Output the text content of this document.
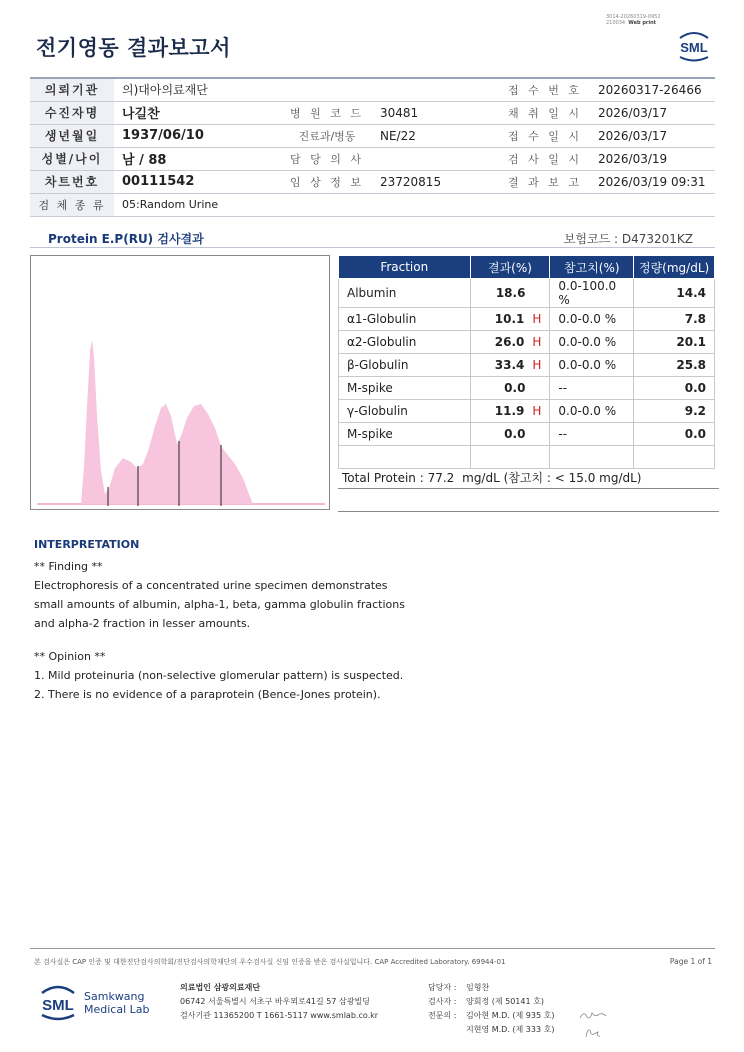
전기영동 결과보고서
3014-20260319-0952
210034 Web print
SML
의뢰기관	의)대아의료재단			접 수 번 호	20260317-26466
수진자명	나길찬	병 원 코 드	30481	채 취 일 시	2026/03/17
생년월일	1937/06/10	진료과/병동	NE/22	접 수 일 시	2026/03/17
성별/나이	남 / 88	담 당 의 사		검 사 일 시	2026/03/19
차트번호	00111542	임 상 정 보	23720815	결 과 보 고	2026/03/19 09:31
검 체 종 류	05:Random Urine				
Protein E.P(RU) 검사결과	보험코드 : D473201KZ
Fraction	결과(%)	참고치(%)	정량(mg/dL)
Albumin	18.6	0.0-100.0 %	14.4
α1-Globulin	10.1 H	0.0-0.0 %	7.8
α2-Globulin	26.0 H	0.0-0.0 %	20.1
β-Globulin	33.4 H	0.0-0.0 %	25.8
M-spike	0.0	--	0.0
γ-Globulin	11.9 H	0.0-0.0 %	9.2
M-spike	0.0	--	0.0

Total Protein : 77.2 mg/dL (참고치 : < 15.0 mg/dL)
INTERPRETATION
** Finding **
Electrophoresis of a concentrated urine specimen demonstrates
small amounts of albumin, alpha-1, beta, gamma globulin fractions
and alpha-2 fraction in lesser amounts.
** Opinion **
1. Mild proteinuria (non-selective glomerular pattern) is suspected.
2. There is no evidence of a paraprotein (Bence-Jones protein).
본 검사실은 CAP 인증 및 대한진단검사의학회/진단검사의학재단의 우수검사실 신임 인증을 받은 검사실입니다. CAP Accredited Laboratory. 69944-01	Page 1 of 1
SML
Samkwang
Medical Lab
의료법인 삼광의료재단
06742 서울특별시 서초구 바우뫼로41길 57 삼광빌딩
검사기관 11365200 T 1661-5117 www.smlab.co.kr
담당자 :	임형찬
검사자 :	양회정 (제 50141 호)
전문의 :	김아현 M.D. (제 935 호)
지현영 M.D. (제 333 호)
